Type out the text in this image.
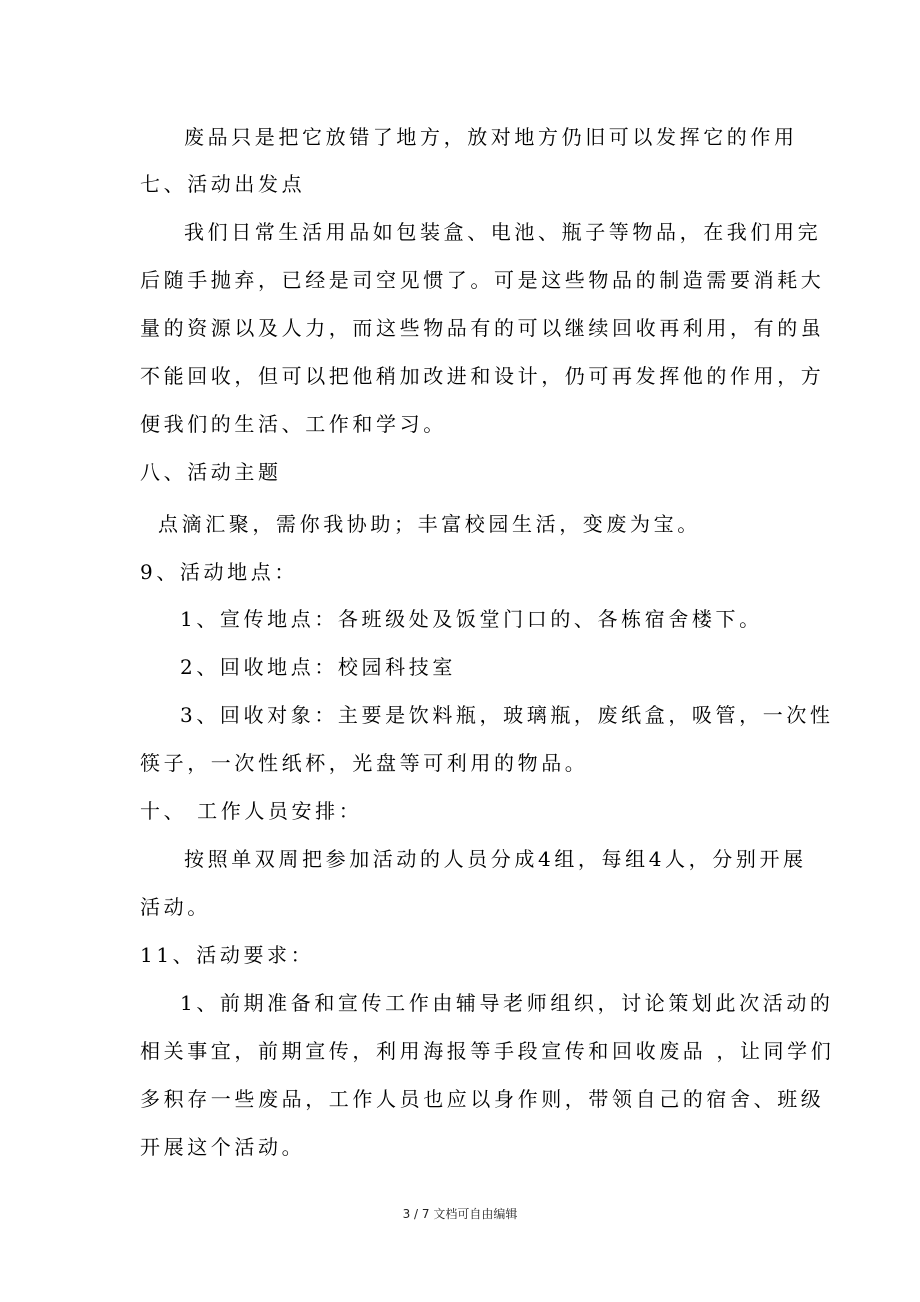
废品只是把它放错了地方，放对地方仍旧可以发挥它的作用
七、活动出发点
我们日常生活用品如包装盒、电池、瓶子等物品，在我们用完
后随手抛弃，已经是司空见惯了。可是这些物品的制造需要消耗大
量的资源以及人力，而这些物品有的可以继续回收再利用，有的虽
不能回收，但可以把他稍加改进和设计，仍可再发挥他的作用，方
便我们的生活、工作和学习。
八、活动主题
点滴汇聚，需你我协助；丰富校园生活，变废为宝。
9、活动地点：
1、宣传地点：各班级处及饭堂门口的、各栋宿舍楼下。
2、回收地点：校园科技室
3、回收对象：主要是饮料瓶，玻璃瓶，废纸盒，吸管，一次性
筷子，一次性纸杯，光盘等可利用的物品。
十、 工作人员安排：
按照单双周把参加活动的人员分成4组，每组4人，分别开展
活动。
11、活动要求：
1、前期准备和宣传工作由辅导老师组织，讨论策划此次活动的
相关事宜，前期宣传，利用海报等手段宣传和回收废品 ，让同学们
多积存一些废品，工作人员也应以身作则，带领自己的宿舍、班级
开展这个活动。
3 / 7 文档可自由编辑
